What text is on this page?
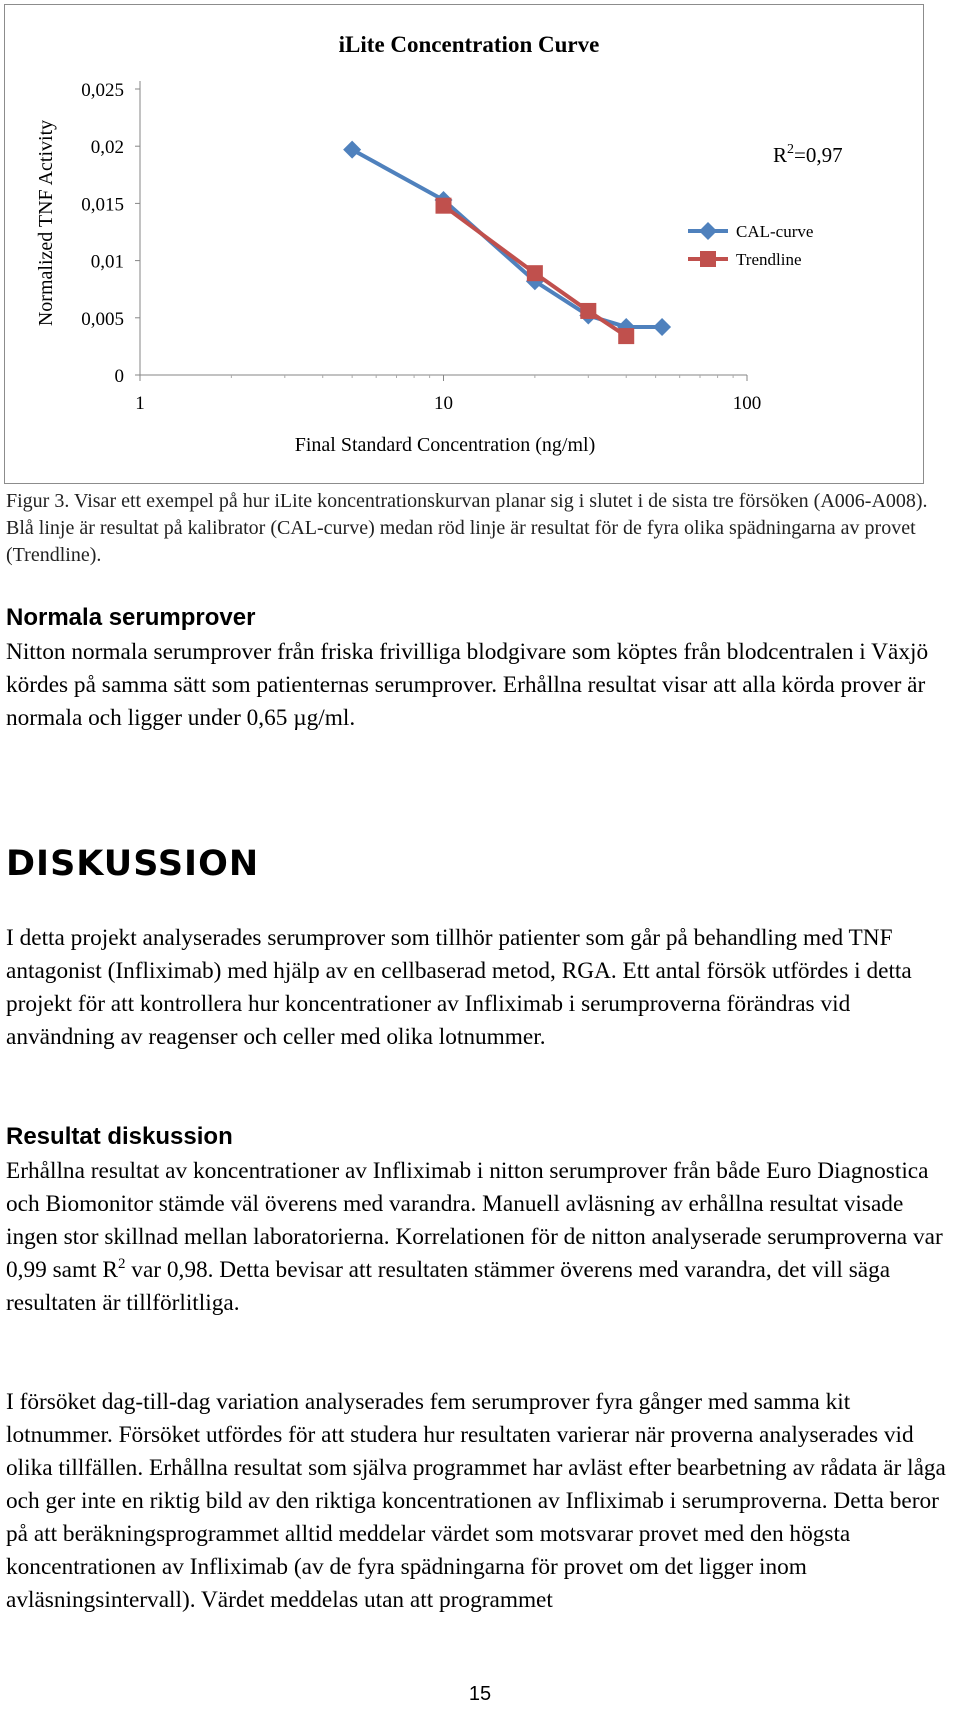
0
0,005
0,01
0,015
0,02
0,025
1	10	100
iLite Concentration Curve
Final Standard Concentration (ng/ml)
Normalized TNF Activity	$R^2=0,97$
CAL-curve
Trendline

Figur 3. Visar ett exempel på hur iLite koncentrationskurvan planar sig i slutet i de sista tre försöken (A006-A008). Blå linje är resultat på kalibrator (CAL-curve) medan röd linje är resultat för de fyra olika spädningarna av provet (Trendline).

Normala serumprover

Nitton normala serumprover från friska frivilliga blodgivare som köptes från blodcentralen i Växjö kördes på samma sätt som patienternas serumprover. Erhållna resultat visar att alla körda prover är normala och ligger under 0,65 µg/ml.

DISKUSSION

I detta projekt analyserades serumprover som tillhör patienter som går på behandling med TNF antagonist (Infliximab) med hjälp av en cellbaserad metod, RGA. Ett antal försök utfördes i detta projekt för att kontrollera hur koncentrationer av Infliximab i serumproverna förändras vid användning av reagenser och celler med olika lotnummer.

Resultat diskussion

Erhållna resultat av koncentrationer av Infliximab i nitton serumprover från både Euro Diagnostica och Biomonitor stämde väl överens med varandra. Manuell avläsning av erhållna resultat visade ingen stor skillnad mellan laboratorierna. Korrelationen för de nitton analyserade serumproverna var 0,99 samt $R^2$ var 0,98. Detta bevisar att resultaten stämmer överens med varandra, det vill säga resultaten är tillförlitliga.

I försöket dag-till-dag variation analyserades fem serumprover fyra gånger med samma kit lotnummer. Försöket utfördes för att studera hur resultaten varierar när proverna analyserades vid olika tillfällen. Erhållna resultat som själva programmet har avläst efter bearbetning av rådata är låga och ger inte en riktig bild av den riktiga koncentrationen av Infliximab i serumproverna. Detta beror på att beräkningsprogrammet alltid meddelar värdet som motsvarar provet med den högsta koncentrationen av Infliximab (av de fyra spädningarna för provet om det ligger inom avläsningsintervall). Värdet meddelas utan att programmet

15
